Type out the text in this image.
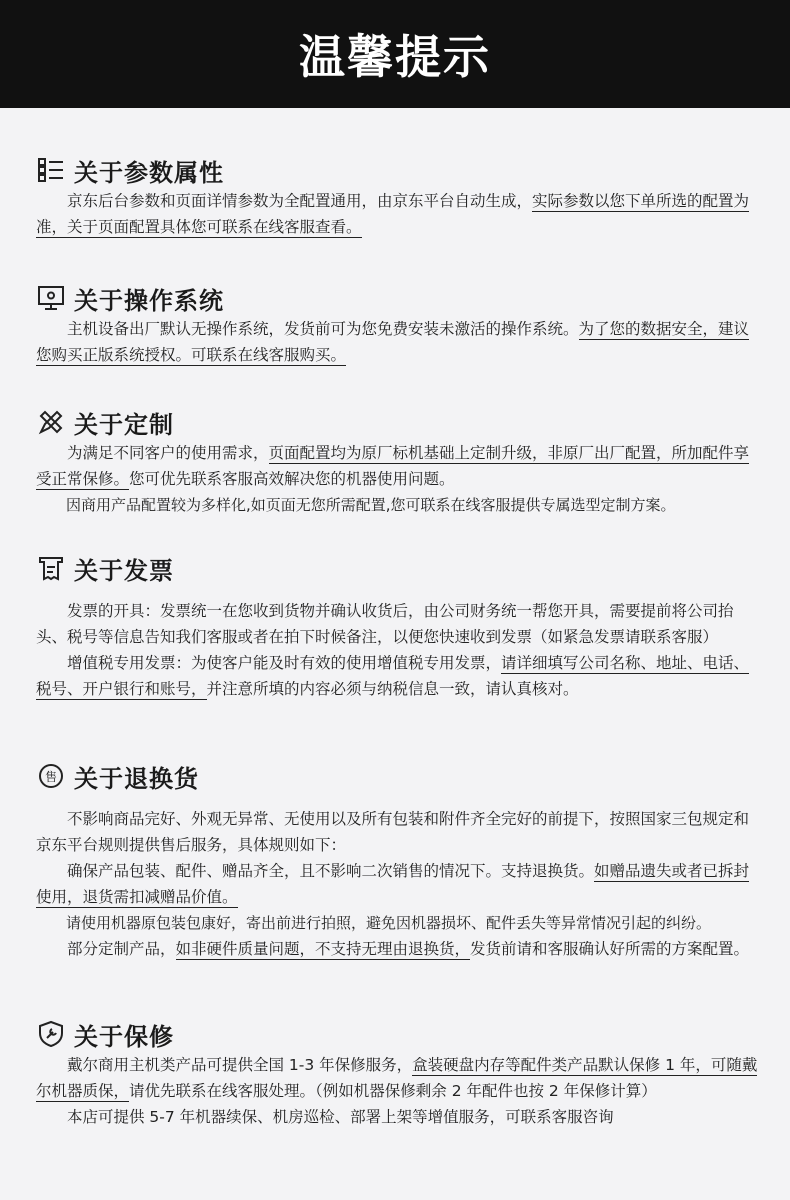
温馨提示
关于参数属性

京东后台参数和页面详情参数为全配置通用，由京东平台自动生成，实际参数以您下单所选的配置为准，关于页面配置具体您可联系在线客服查看。

关于操作系统

主机设备出厂默认无操作系统，发货前可为您免费安装未激活的操作系统。为了您的数据安全，建议您购买正版系统授权。可联系在线客服购买。

关于定制

为满足不同客户的使用需求，页面配置均为原厂标机基础上定制升级，非原厂出厂配置，所加配件享受正常保修。您可优先联系客服高效解决您的机器使用问题。

因商用产品配置较为多样化,如页面无您所需配置,您可联系在线客服提供专属选型定制方案。

关于发票

发票的开具：发票统一在您收到货物并确认收货后，由公司财务统一帮您开具，需要提前将公司抬头、税号等信息告知我们客服或者在拍下时候备注，以便您快速收到发票（如紧急发票请联系客服）

增值税专用发票：为使客户能及时有效的使用增值税专用发票，请详细填写公司名称、地址、电话、税号、开户银行和账号，并注意所填的内容必须与纳税信息一致，请认真核对。

售 关于退换货

不影响商品完好、外观无异常、无使用以及所有包装和附件齐全完好的前提下，按照国家三包规定和京东平台规则提供售后服务，具体规则如下：

确保产品包装、配件、赠品齐全，且不影响二次销售的情况下。支持退换货。如赠品遗失或者已拆封使用，退货需扣减赠品价值。

请使用机器原包装包康好，寄出前进行拍照，避免因机器损坏、配件丢失等异常情况引起的纠纷。

部分定制产品，如非硬件质量问题，不支持无理由退换货，发货前请和客服确认好所需的方案配置。

关于保修

戴尔商用主机类产品可提供全国 1-3 年保修服务，盒装硬盘内存等配件类产品默认保修 1 年，可随戴尔机器质保，请优先联系在线客服处理。（例如机器保修剩余 2 年配件也按 2 年保修计算）

本店可提供 5-7 年机器续保、机房巡检、部署上架等增值服务，可联系客服咨询
